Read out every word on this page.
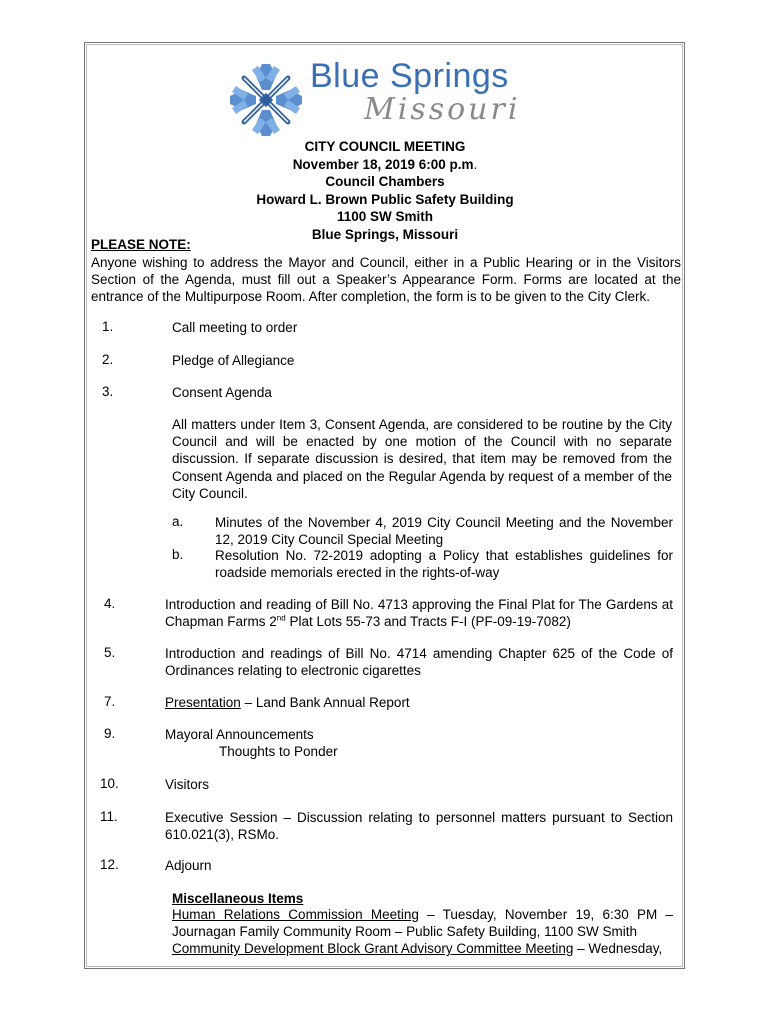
Blue Springs
Missouri
CITY COUNCIL MEETING
November 18, 2019 6:00 p.m.
Council Chambers
Howard L. Brown Public Safety Building
1100 SW Smith
Blue Springs, Missouri
PLEASE NOTE:
Anyone wishing to address the Mayor and Council, either in a Public Hearing or in the Visitors Section of the Agenda, must fill out a Speaker’s Appearance Form. Forms are located at the entrance of the Multipurpose Room. After completion, the form is to be given to the City Clerk.
1.	Call meeting to order
2.	Pledge of Allegiance
3.	Consent Agenda
All matters under Item 3, Consent Agenda, are considered to be routine by the City Council and will be enacted by one motion of the Council with no separate discussion. If separate discussion is desired, that item may be removed from the Consent Agenda and placed on the Regular Agenda by request of a member of the City Council.
a. Minutes of the November 4, 2019 City Council Meeting and the November 12, 2019 City Council Special Meeting
b. Resolution No. 72-2019 adopting a Policy that establishes guidelines for roadside memorials erected in the rights-of-way
4.	Introduction and reading of Bill No. 4713 approving the Final Plat for The Gardens at Chapman Farms 2nd Plat Lots 55-73 and Tracts F-I (PF-09-19-7082)
5.	Introduction and readings of Bill No. 4714 amending Chapter 625 of the Code of Ordinances relating to electronic cigarettes
7.	Presentation – Land Bank Annual Report
9.	Mayoral Announcements
Thoughts to Ponder
10.	Visitors
11.	Executive Session – Discussion relating to personnel matters pursuant to Section 610.021(3), RSMo.
12.	Adjourn
Miscellaneous Items
Human Relations Commission Meeting – Tuesday, November 19, 6:30 PM – Journagan Family Community Room – Public Safety Building, 1100 SW Smith
Community Development Block Grant Advisory Committee Meeting – Wednesday,
